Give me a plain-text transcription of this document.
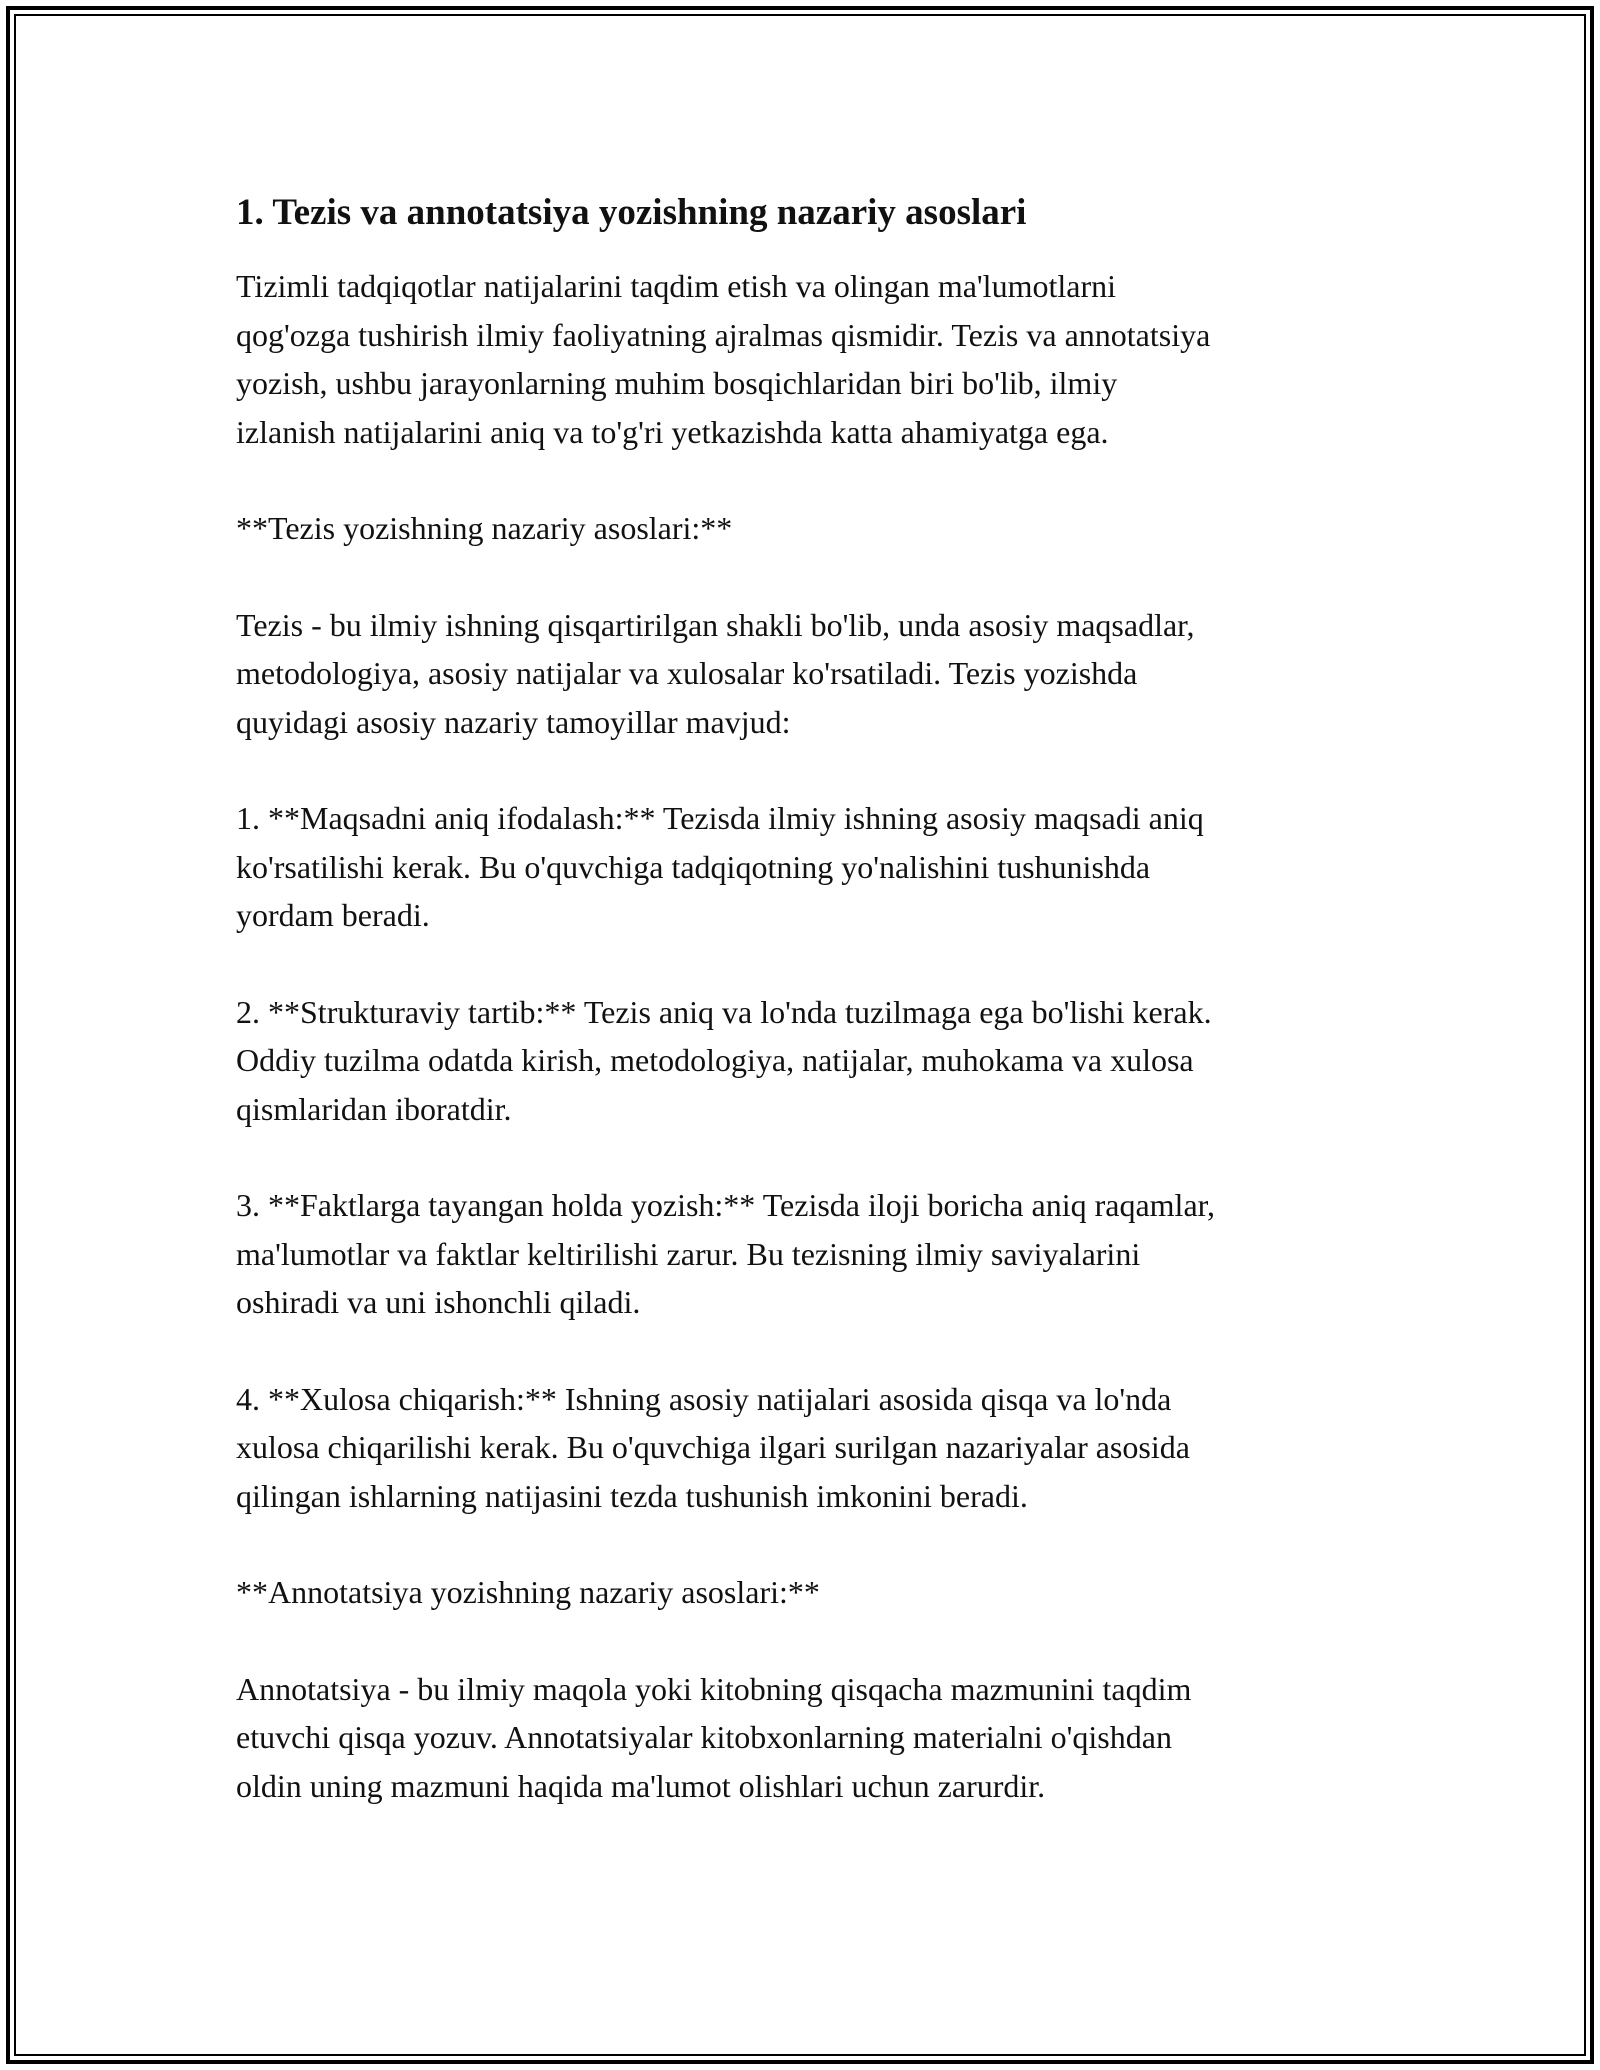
1. Tezis va annotatsiya yozishning nazariy asoslari

Tizimli tadqiqotlar natijalarini taqdim etish va olingan ma'lumotlarni
qog'ozga tushirish ilmiy faoliyatning ajralmas qismidir. Tezis va annotatsiya
yozish, ushbu jarayonlarning muhim bosqichlaridan biri bo'lib, ilmiy
izlanish natijalarini aniq va to'g'ri yetkazishda katta ahamiyatga ega.

**Tezis yozishning nazariy asoslari:**

Tezis - bu ilmiy ishning qisqartirilgan shakli bo'lib, unda asosiy maqsadlar,
metodologiya, asosiy natijalar va xulosalar ko'rsatiladi. Tezis yozishda
quyidagi asosiy nazariy tamoyillar mavjud:

1. **Maqsadni aniq ifodalash:** Tezisda ilmiy ishning asosiy maqsadi aniq
ko'rsatilishi kerak. Bu o'quvchiga tadqiqotning yo'nalishini tushunishda
yordam beradi.

2. **Strukturaviy tartib:** Tezis aniq va lo'nda tuzilmaga ega bo'lishi kerak.
Oddiy tuzilma odatda kirish, metodologiya, natijalar, muhokama va xulosa
qismlaridan iboratdir.

3. **Faktlarga tayangan holda yozish:** Tezisda iloji boricha aniq raqamlar,
ma'lumotlar va faktlar keltirilishi zarur. Bu tezisning ilmiy saviyalarini
oshiradi va uni ishonchli qiladi.

4. **Xulosa chiqarish:** Ishning asosiy natijalari asosida qisqa va lo'nda
xulosa chiqarilishi kerak. Bu o'quvchiga ilgari surilgan nazariyalar asosida
qilingan ishlarning natijasini tezda tushunish imkonini beradi.

**Annotatsiya yozishning nazariy asoslari:**

Annotatsiya - bu ilmiy maqola yoki kitobning qisqacha mazmunini taqdim
etuvchi qisqa yozuv. Annotatsiyalar kitobxonlarning materialni o'qishdan
oldin uning mazmuni haqida ma'lumot olishlari uchun zarurdir.
